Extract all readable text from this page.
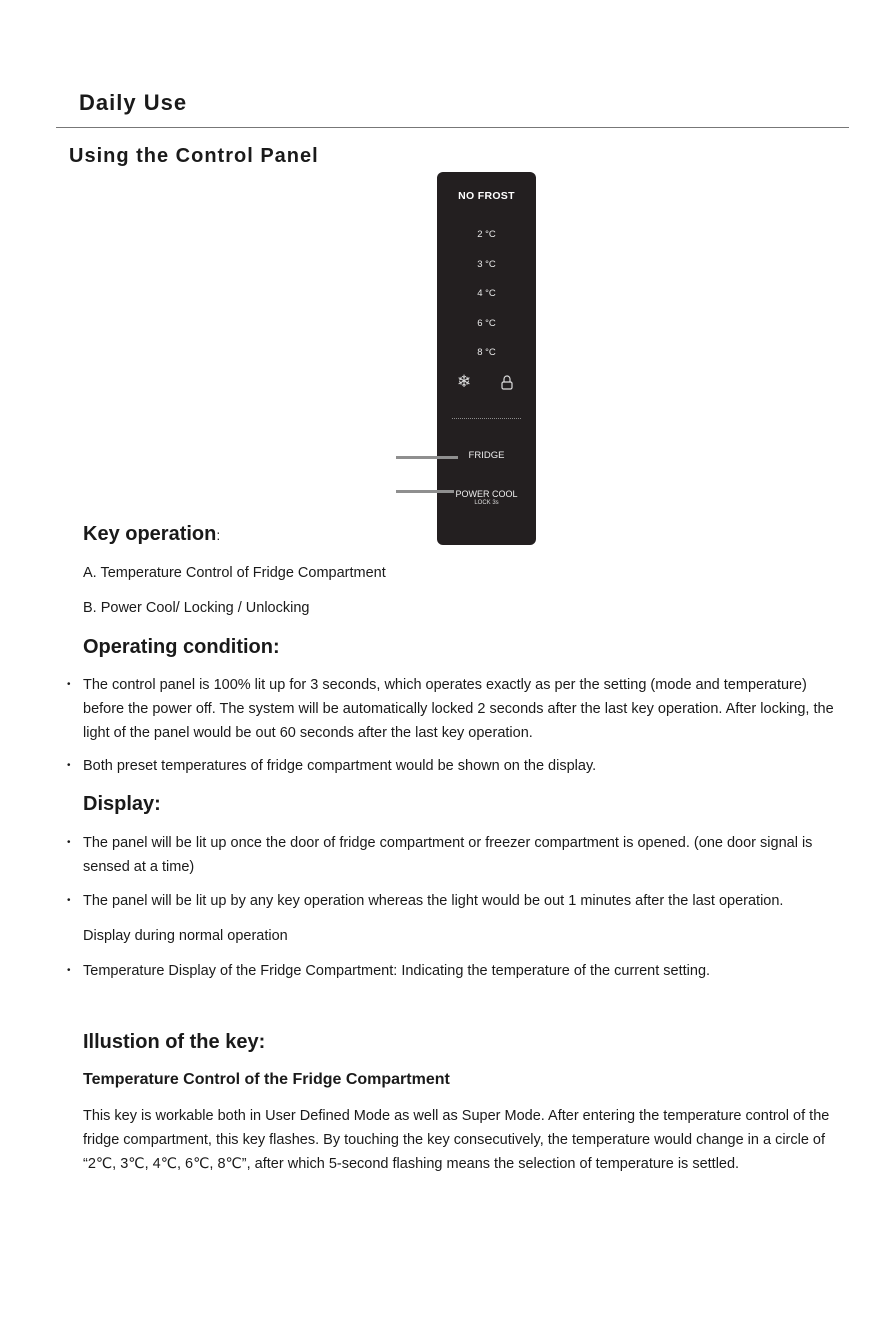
Daily Use
Using the Control Panel
NO FROST
2 °C
3 °C
4 °C
6 °C
8 °C
❄
FRIDGE
POWER COOL
LOCK 3s
Key operation:
A. Temperature Control of Fridge Compartment
B. Power Cool/ Locking / Unlocking
Operating condition:
• The control panel is 100% lit up for 3 seconds, which operates exactly as per the setting (mode and temperature) before the power off. The system will be automatically locked 2 seconds after the last key operation. After locking, the light of the panel would be out 60 seconds after the last key operation.
• Both preset temperatures of fridge compartment would be shown on the display.
Display:
• The panel will be lit up once the door of fridge compartment or freezer compartment is opened. (one door signal is sensed at a time)
• The panel will be lit up by any key operation whereas the light would be out 1 minutes after the last operation.
Display during normal operation
• Temperature Display of the Fridge Compartment: Indicating the temperature of the current setting.
Illustion of the key:
Temperature Control of the Fridge Compartment
This key is workable both in User Defined Mode as well as Super Mode. After entering the temperature control of the fridge compartment, this key flashes. By touching the key consecutively, the temperature would change in a circle of “2℃, 3℃, 4℃, 6℃, 8℃”, after which 5-second flashing means the selection of temperature is settled.
